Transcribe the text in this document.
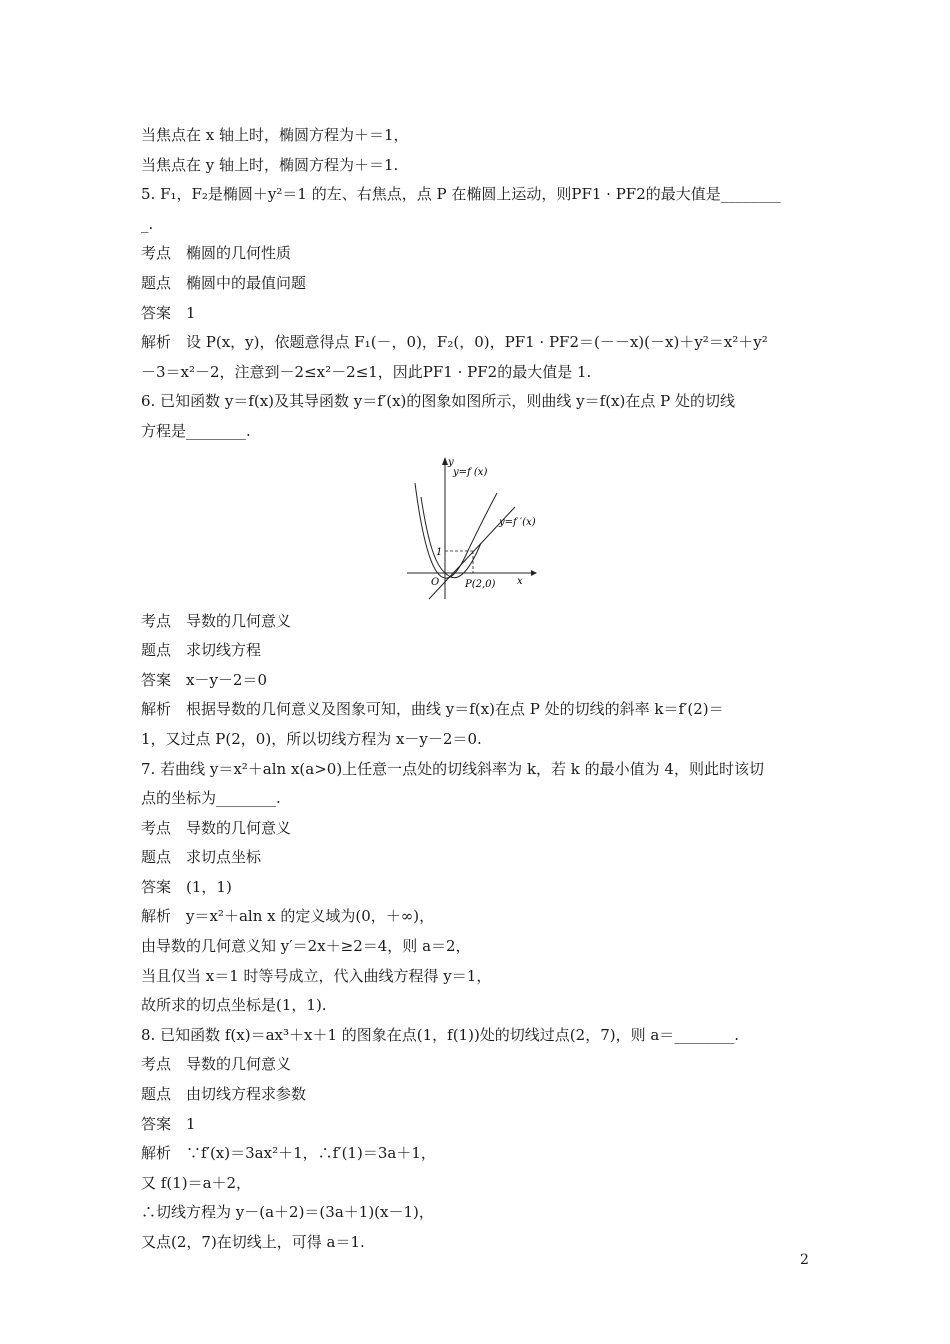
当焦点在 x 轴上时，椭圆方程为＋＝1，
当焦点在 y 轴上时，椭圆方程为＋＝1.
5. F₁，F₂是椭圆＋y²＝1 的左、右焦点，点 P 在椭圆上运动，则PF1 · PF2的最大值是________
_.
考点　椭圆的几何性质
题点　椭圆中的最值问题
答案　1
解析　设 P(x，y)，依题意得点 F₁(－，0)，F₂(，0)，PF1 · PF2＝(－－x)(－x)＋y²＝x²＋y²
－3＝x²－2，注意到－2≤x²－2≤1，因此PF1 · PF2的最大值是 1.
6. 已知函数 y＝f(x)及其导函数 y＝f′(x)的图象如图所示，则曲线 y＝f(x)在点 P 处的切线
方程是________.
y=f (x)
y=f ′(x)
y
x
O
1
P(2,0)
考点　导数的几何意义
题点　求切线方程
答案　x－y－2＝0
解析　根据导数的几何意义及图象可知，曲线 y＝f(x)在点 P 处的切线的斜率 k＝f′(2)＝
1，又过点 P(2，0)，所以切线方程为 x－y－2＝0.
7. 若曲线 y＝x²＋aln x(a>0)上任意一点处的切线斜率为 k，若 k 的最小值为 4，则此时该切
点的坐标为________.
考点　导数的几何意义
题点　求切点坐标
答案　(1，1)
解析　y＝x²＋aln x 的定义域为(0，＋∞)，
由导数的几何意义知 y′＝2x＋≥2＝4，则 a＝2，
当且仅当 x＝1 时等号成立，代入曲线方程得 y＝1，
故所求的切点坐标是(1，1).
8. 已知函数 f(x)＝ax³＋x＋1 的图象在点(1，f(1))处的切线过点(2，7)，则 a＝________.
考点　导数的几何意义
题点　由切线方程求参数
答案　1
解析　∵f′(x)＝3ax²＋1，∴f′(1)＝3a＋1，
又 f(1)＝a＋2，
∴切线方程为 y－(a＋2)＝(3a＋1)(x－1)，
又点(2，7)在切线上，可得 a＝1.
2
